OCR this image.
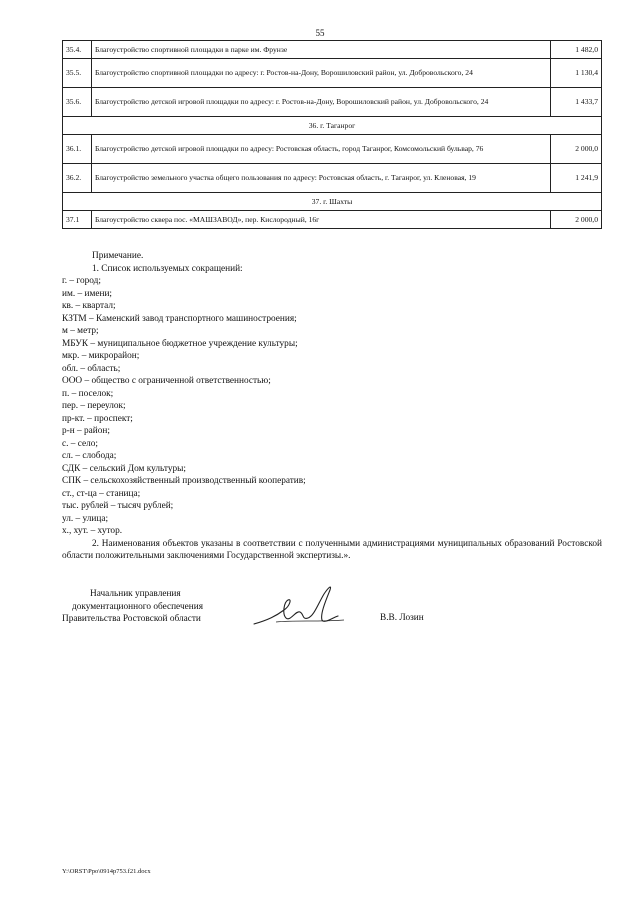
55
35.4.	Благоустройство спортивной площадки в парке им. Фрунзе	1 482,0
35.5.	Благоустройство спортивной площадки по адресу: г. Ростов-на-Дону, Ворошиловский район, ул. Добровольского, 24	1 130,4
35.6.	Благоустройство детской игровой площадки по адресу: г. Ростов-на-Дону, Ворошиловский район, ул. Добровольского, 24	1 433,7
36. г. Таганрог		
36.1.	Благоустройство детской игровой площадки по адресу: Ростовская область, город Таганрог, Комсомольский бульвар, 76	2 000,0
36.2.	Благоустройство земельного участка общего пользования по адресу: Ростовская область, г. Таганрог, ул. Кленовая, 19	1 241,9
37. г. Шахты		
37.1	Благоустройство сквера пос. «МАШЗАВОД», пер. Кислородный, 16г	2 000,0
Примечание.
1. Список используемых сокращений:
г. – город;
им. – имени;
кв. – квартал;
КЗТМ – Каменский завод транспортного машиностроения;
м – метр;
МБУК – муниципальное бюджетное учреждение культуры;
мкр. – микрорайон;
обл. – область;
ООО – общество с ограниченной ответственностью;
п. – поселок;
пер. – переулок;
пр-кт. – проспект;
р-н – район;
с. – село;
сл. – слобода;
СДК – сельский Дом культуры;
СПК – сельскохозяйственный производственный кооператив;
ст., ст-ца – станица;
тыс. рублей – тысяч рублей;
ул. – улица;
х., хут. – хутор.

2. Наименования объектов указаны в соответствии с полученными администрациями муниципальных образований Ростовской области положительными заключениями Государственной экспертизы.».

Начальник управления
документационного обеспечения
Правительства Ростовской области	В.В. Лозин
Y:\ORST\Ppo\0914p753.f21.docx
